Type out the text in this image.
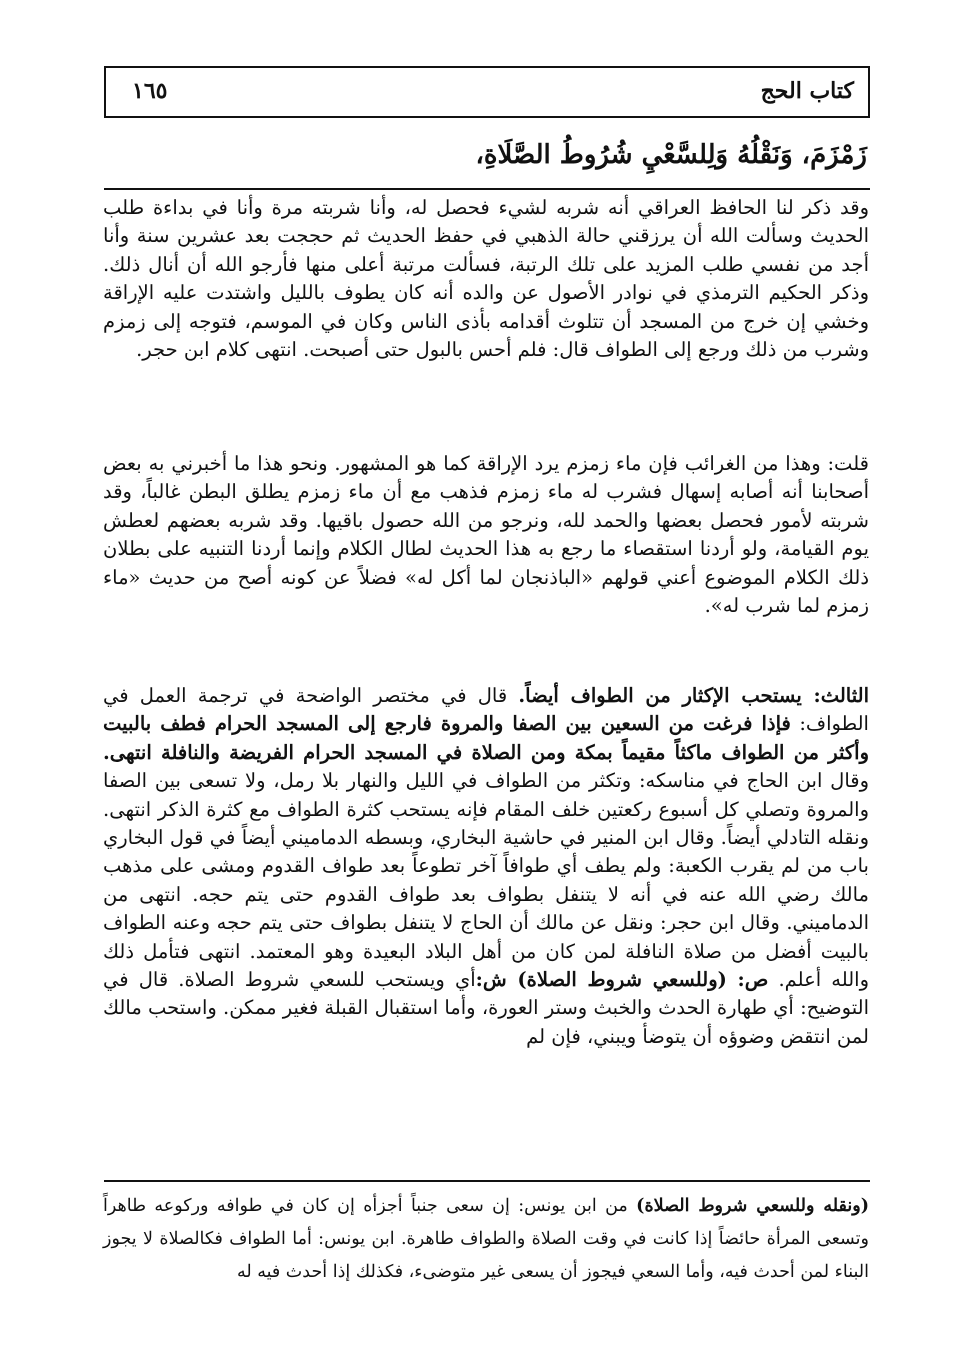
كتاب الحج
١٦٥
زَمْزَمَ، وَنَقْلُهُ وَلِلسَّعْيِ شُرُوطُ الصَّلَاةِ،

وقد ذكر لنا الحافظ العراقي أنه شربه لشيء فحصل له، وأنا شربته مرة وأنا في بداءة طلب الحديث وسألت الله أن يرزقني حالة الذهبي في حفظ الحديث ثم حججت بعد عشرين سنة وأنا أجد من نفسي طلب المزيد على تلك الرتبة، فسألت مرتبة أعلى منها فأرجو الله أن أنال ذلك. وذكر الحكيم الترمذي في نوادر الأصول عن والده أنه كان يطوف بالليل واشتدت عليه الإراقة وخشي إن خرج من المسجد أن تتلوث أقدامه بأذى الناس وكان في الموسم، فتوجه إلى زمزم وشرب من ذلك ورجع إلى الطواف قال: فلم أحس بالبول حتى أصبحت. انتهى كلام ابن حجر.

قلت: وهذا من الغرائب فإن ماء زمزم يرد الإراقة كما هو المشهور. ونحو هذا ما أخبرني به بعض أصحابنا أنه أصابه إسهال فشرب له ماء زمزم فذهب مع أن ماء زمزم يطلق البطن غالباً، وقد شربته لأمور فحصل بعضها والحمد لله، ونرجو من الله حصول باقيها. وقد شربه بعضهم لعطش يوم القيامة، ولو أردنا استقصاء ما رجع به هذا الحديث لطال الكلام وإنما أردنا التنبيه على بطلان ذلك الكلام الموضوع أعني قولهم «الباذنجان لما أكل له» فضلاً عن كونه أصح من حديث «ماء زمزم لما شرب له».

الثالث: يستحب الإكثار من الطواف أيضاً. قال في مختصر الواضحة في ترجمة العمل في الطواف: فإذا فرغت من السعين بين الصفا والمروة فارجع إلى المسجد الحرام فطف بالبيت وأكثر من الطواف ماكثاً مقيماً بمكة ومن الصلاة في المسجد الحرام الفريضة والنافلة انتهى. وقال ابن الحاج في مناسكه: وتكثر من الطواف في الليل والنهار بلا رمل، ولا تسعى بين الصفا والمروة وتصلي كل أسبوع ركعتين خلف المقام فإنه يستحب كثرة الطواف مع كثرة الذكر انتهى. ونقله التادلي أيضاً. وقال ابن المنير في حاشية البخاري، وبسطه الدماميني أيضاً في قول البخاري باب من لم يقرب الكعبة: ولم يطف أي طوافاً آخر تطوعاً بعد طواف القدوم ومشى على مذهب مالك رضي الله عنه في أنه لا يتنفل بطواف بعد طواف القدوم حتى يتم حجه. انتهى من الدماميني. وقال ابن حجر: ونقل عن مالك أن الحاج لا يتنفل بطواف حتى يتم حجه وعنه الطواف بالبيت أفضل من صلاة النافلة لمن كان من أهل البلاد البعيدة وهو المعتمد. انتهى فتأمل ذلك والله أعلم. ص: (وللسعي شروط الصلاة) ش:أي ويستحب للسعي شروط الصلاة. قال في التوضيح: أي طهارة الحدث والخبث وستر العورة، وأما استقبال القبلة فغير ممكن. واستحب مالك لمن انتقض وضوؤه أن يتوضأ ويبني، فإن لم

(ونقله وللسعي شروط الصلاة) من ابن يونس: إن سعى جنباً أجزأه إن كان في طوافه وركوعه طاهراً وتسعى المرأة حائضاً إذا كانت في وقت الصلاة والطواف طاهرة. ابن يونس: أما الطواف فكالصلاة لا يجوز البناء لمن أحدث فيه، وأما السعي فيجوز أن يسعى غير متوضىء، فكذلك إذا أحدث فيه له
